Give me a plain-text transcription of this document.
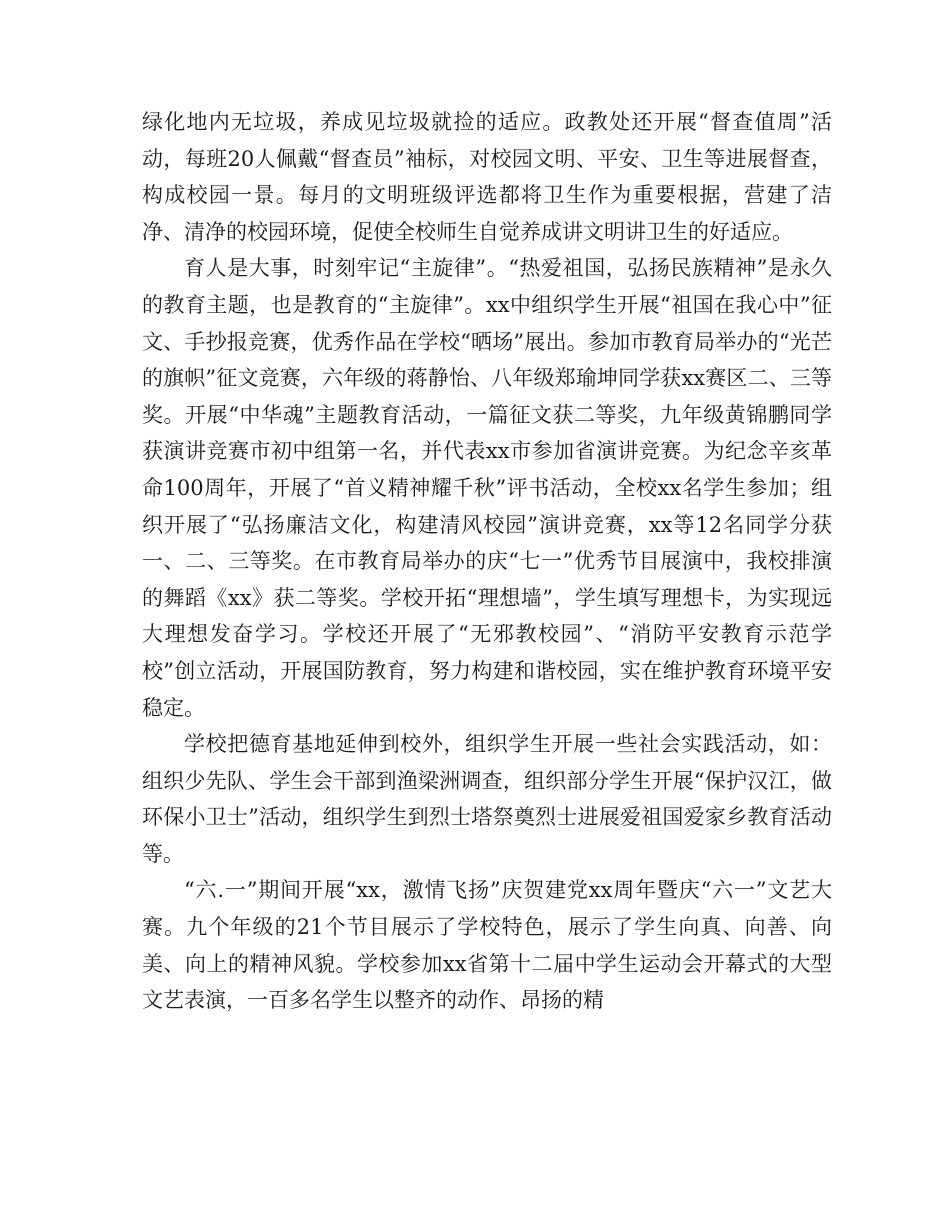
绿化地内无垃圾，养成见垃圾就捡的适应。政教处还开展“督查值周”活动，每班20人佩戴“督查员”袖标，对校园文明、平安、卫生等进展督查，构成校园一景。每月的文明班级评选都将卫生作为重要根据，营建了洁净、清净的校园环境，促使全校师生自觉养成讲文明讲卫生的好适应。

育人是大事，时刻牢记“主旋律”。“热爱祖国，弘扬民族精神”是永久的教育主题，也是教育的“主旋律”。xx中组织学生开展“祖国在我心中”征文、手抄报竞赛，优秀作品在学校“晒场”展出。参加市教育局举办的“光芒的旗帜”征文竞赛，六年级的蒋静怡、八年级郑瑜坤同学获xx赛区二、三等奖。开展“中华魂”主题教育活动，一篇征文获二等奖，九年级黄锦鹏同学获演讲竞赛市初中组第一名，并代表xx市参加省演讲竞赛。为纪念辛亥革命100周年，开展了“首义精神耀千秋”评书活动，全校xx名学生参加；组织开展了“弘扬廉洁文化，构建清风校园”演讲竞赛，xx等12名同学分获一、二、三等奖。在市教育局举办的庆“七一”优秀节目展演中，我校排演的舞蹈《xx》获二等奖。学校开拓“理想墙”，学生填写理想卡，为实现远大理想发奋学习。学校还开展了“无邪教校园”、“消防平安教育示范学校”创立活动，开展国防教育，努力构建和谐校园，实在维护教育环境平安稳定。

学校把德育基地延伸到校外，组织学生开展一些社会实践活动，如：组织少先队、学生会干部到渔梁洲调查，组织部分学生开展“保护汉江，做环保小卫士”活动，组织学生到烈士塔祭奠烈士进展爱祖国爱家乡教育活动等。

“六.一”期间开展“xx，激情飞扬”庆贺建党xx周年暨庆“六一”文艺大赛。九个年级的21个节目展示了学校特色，展示了学生向真、向善、向美、向上的精神风貌。学校参加xx省第十二届中学生运动会开幕式的大型文艺表演，一百多名学生以整齐的动作、昂扬的精
